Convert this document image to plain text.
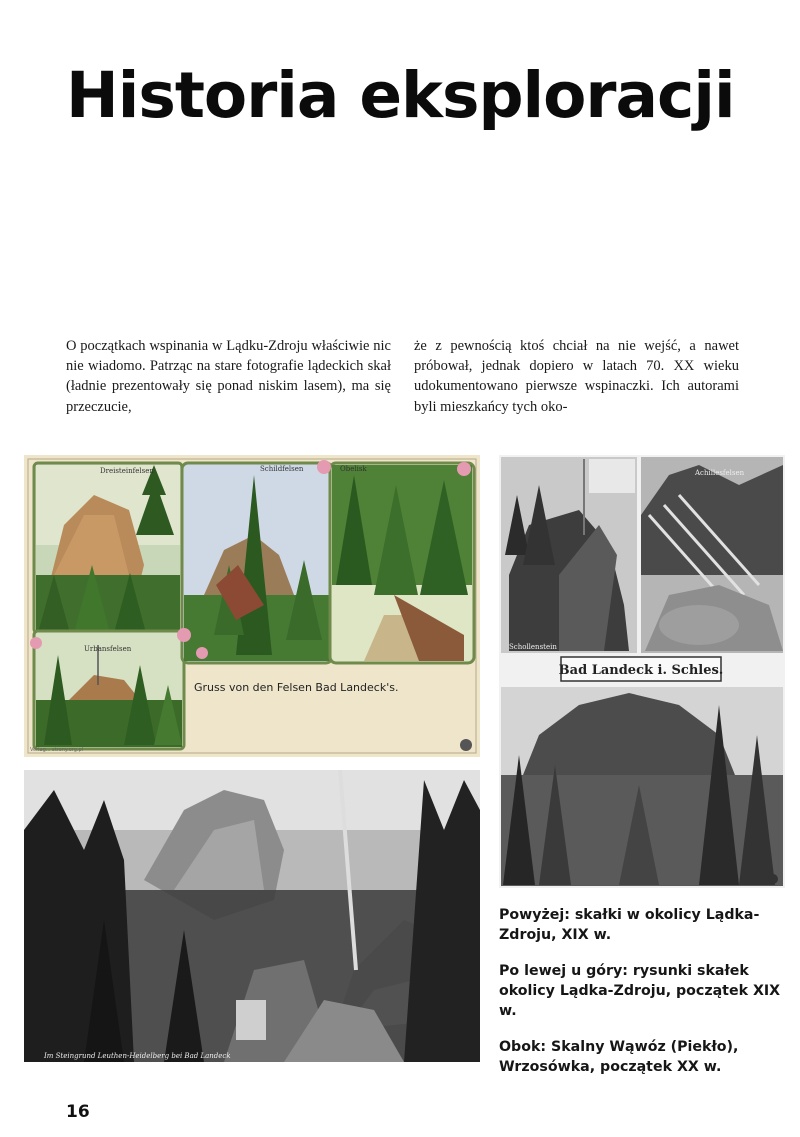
Historia eksploracji

O początkach wspinania w Lądku-Zdroju właściwie nic nie wiadomo. Patrząc na stare fotografie lądeckich skał (ładnie prezentowały się ponad niskim lasem), ma się przeczucie,

że z pewnością ktoś chciał na nie wejść, a nawet próbował, jednak dopiero w latach 70. XX wieku udokumentowano pierwsze wspinaczki. Ich autorami byli mieszkańcy tych oko-

Dreisteinfelsen	Schildfelsen	Obelisk
Urbansfelsen
Gruss von den Felsen Bad Landeck's.
Verlag... strony.org.pl
Bad Landeck i. Schles.
Schollenstein
Achillesfelsen
Im Steingrund Leuthen-Heidelberg bei Bad Landeck

Powyżej: skałki w okolicy Lądka-Zdroju, XIX w.

Po lewej u góry: rysunki skałek okolicy Lądka-Zdroju, początek XIX w.

Obok: Skalny Wąwóz (Piekło), Wrzosówka, początek XX w.

16
